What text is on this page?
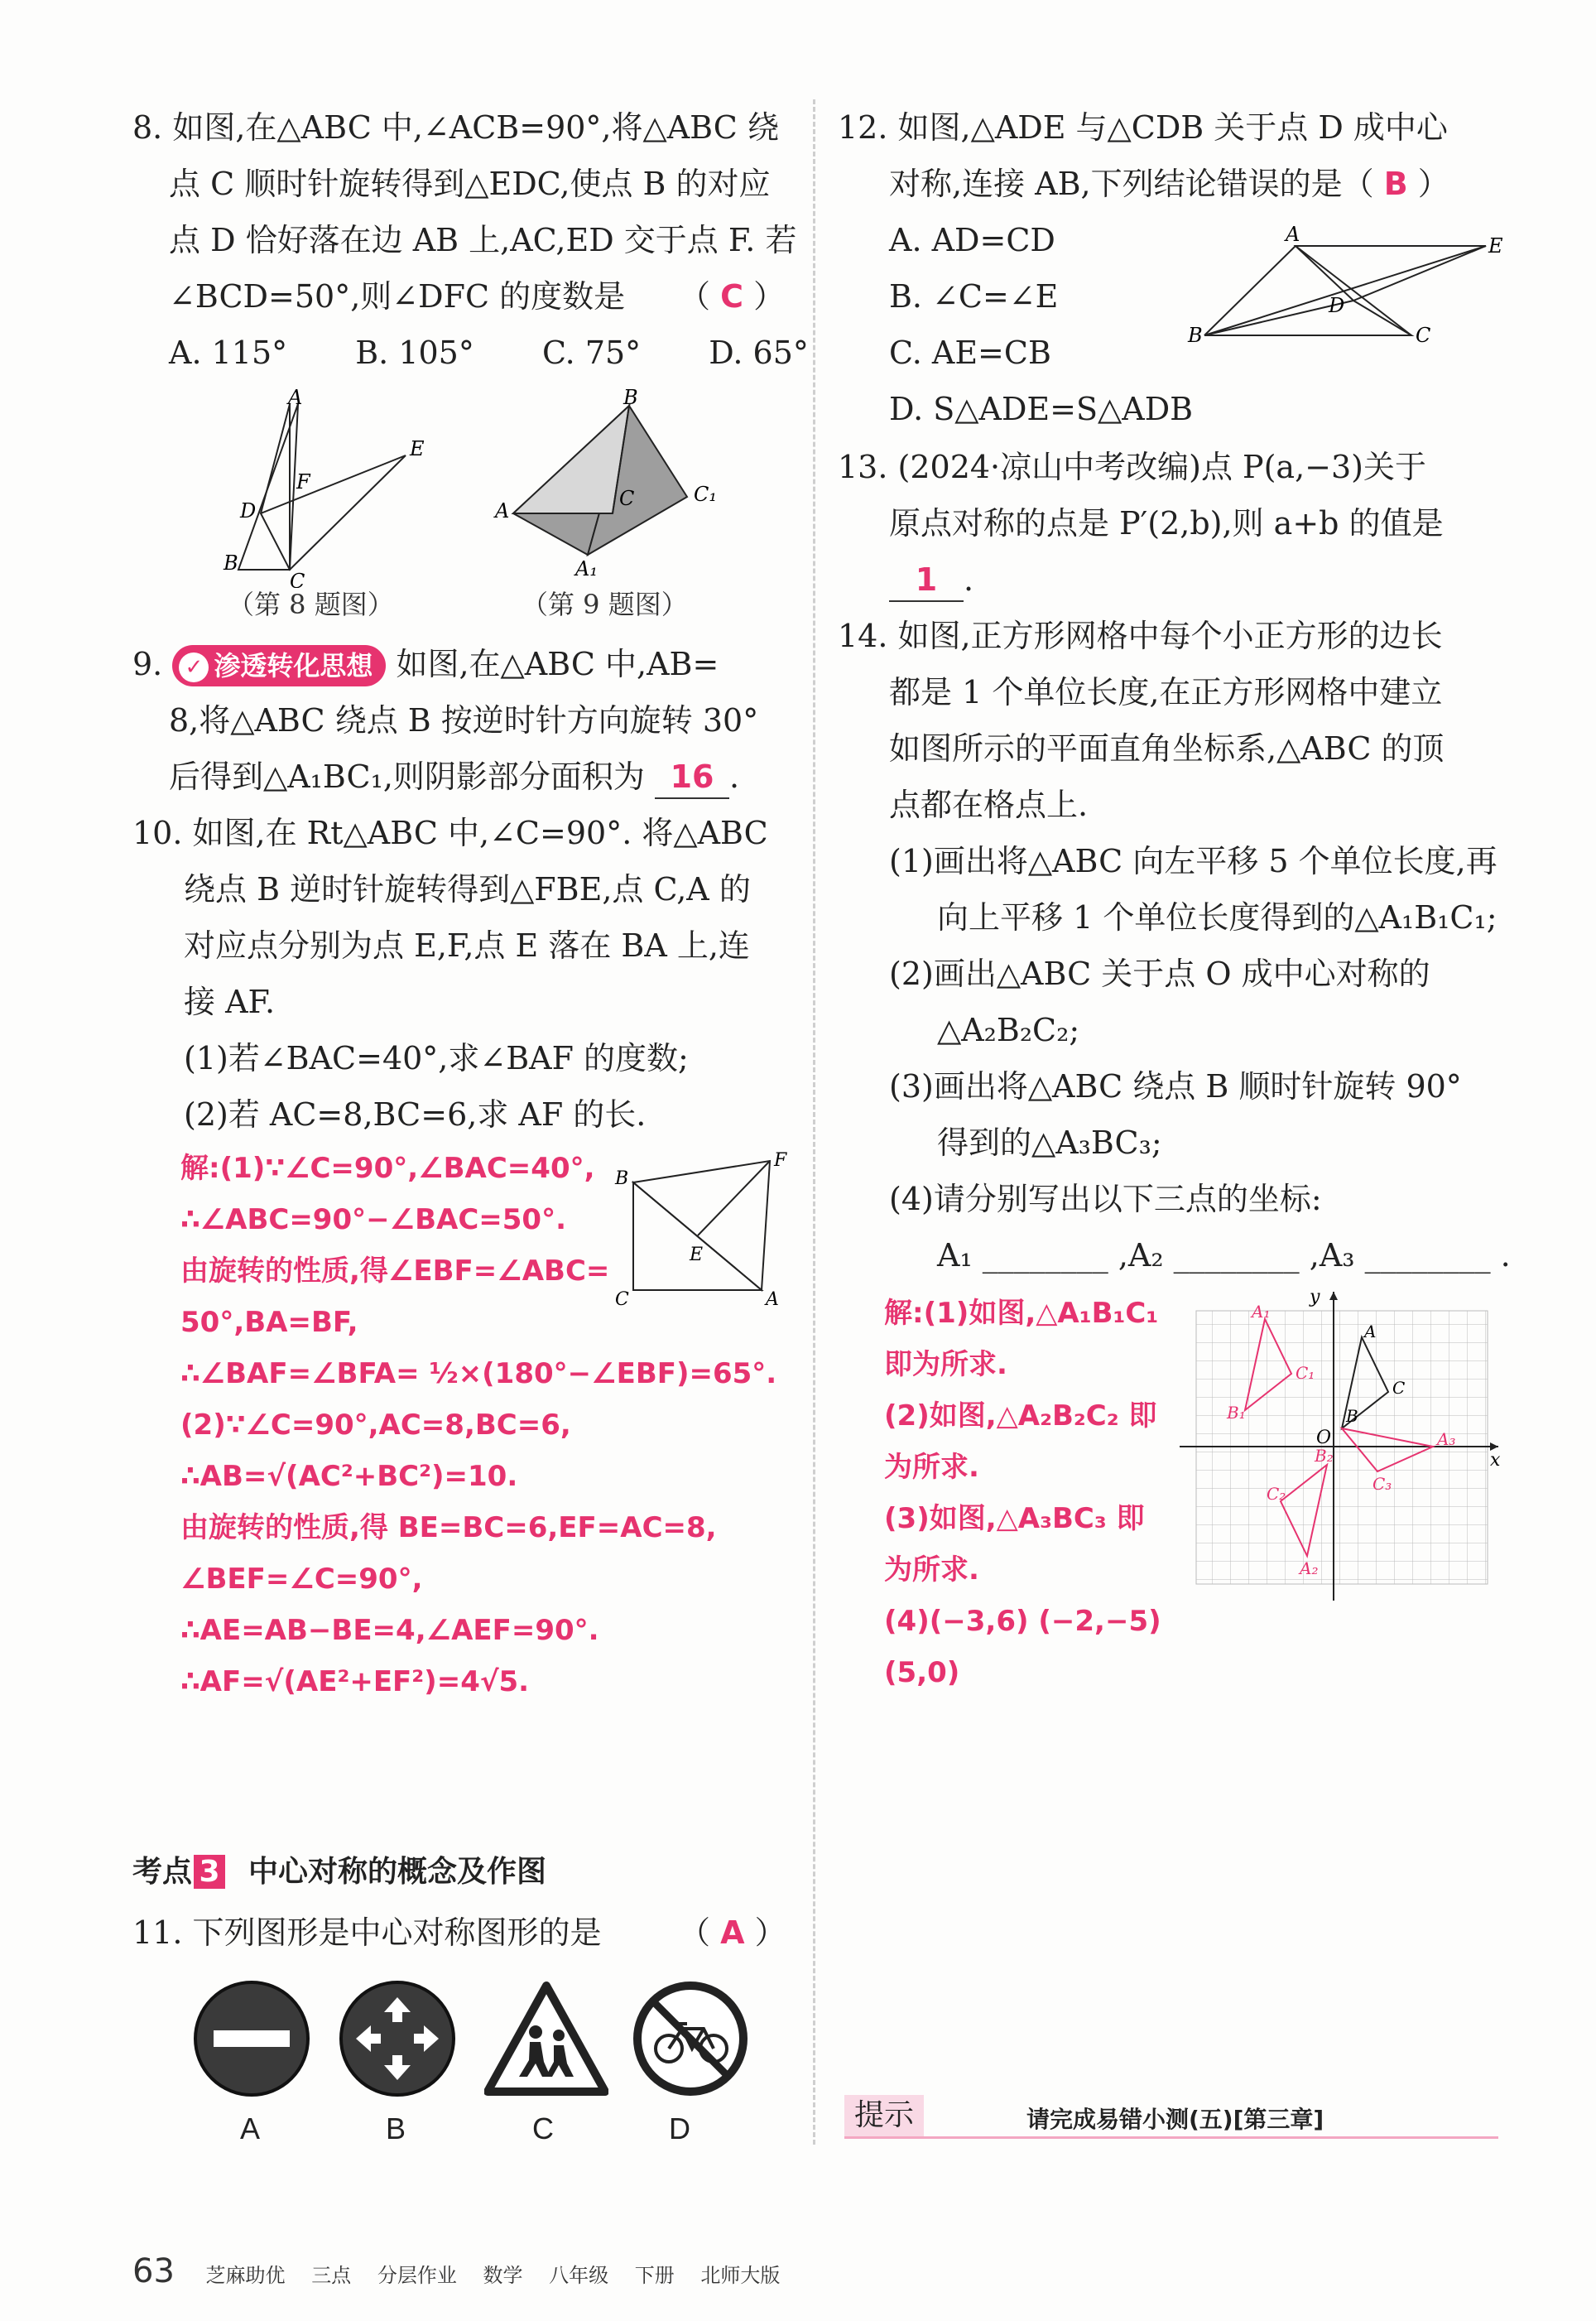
8. 如图,在△ABC 中,∠ACB=90°,将△ABC 绕
点 C 顺时针旋转得到△EDC,使点 B 的对应
点 D 恰好落在边 AB 上,AC,ED 交于点 F. 若
∠BCD=50°,则∠DFC 的度数是 （ C ）
A. 115° B. 105° C. 75° D. 65°
A
B
C
D
E
F
（第 8 题图）
B
A
C	C₁
A₁
（第 9 题图）
9. ✓ 渗透转化思想 如图,在△ABC 中,AB=
8,将△ABC 绕点 B 按逆时针方向旋转 30°
后得到△A₁BC₁,则阴影部分面积为 16 .
10. 如图,在 Rt△ABC 中,∠C=90°. 将△ABC
绕点 B 逆时针旋转得到△FBE,点 C,A 的
对应点分别为点 E,F,点 E 落在 BA 上,连
接 AF.
(1)若∠BAC=40°,求∠BAF 的度数;
(2)若 AC=8,BC=6,求 AF 的长.
解:(1)∵∠C=90°,∠BAC=40°,
∴∠ABC=90°−∠BAC=50°.
由旋转的性质,得∠EBF=∠ABC=
50°,BA=BF,
∴∠BAF=∠BFA= ½×(180°−∠EBF)=65°.
(2)∵∠C=90°,AC=8,BC=6,
∴AB=√(AC²+BC²)=10.
由旋转的性质,得 BE=BC=6,EF=AC=8,
∠BEF=∠C=90°,
∴AE=AB−BE=4,∠AEF=90°.
∴AF=√(AE²+EF²)=4√5.
B
C	A
F
E
考点 3 中心对称的概念及作图
11. 下列图形是中心对称图形的是 （ A ）
A	B	C	D
12. 如图,△ADE 与△CDB 关于点 D 成中心
对称,连接 AB,下列结论错误的是（ B ）
A. AD=CD
B. ∠C=∠E
C. AE=CB
D. S△ADE=S△ADB
A	E
B	C
D
13. (2024·凉山中考改编)点 P(a,−3)关于
原点对称的点是 P′(2,b),则 a+b 的值是
1 .
14. 如图,正方形网格中每个小正方形的边长
都是 1 个单位长度,在正方形网格中建立
如图所示的平面直角坐标系,△ABC 的顶
点都在格点上.
(1)画出将△ABC 向左平移 5 个单位长度,再
向上平移 1 个单位长度得到的△A₁B₁C₁;
(2)画出△ABC 关于点 O 成中心对称的
△A₂B₂C₂;
(3)画出将△ABC 绕点 B 顺时针旋转 90°
得到的△A₃BC₃;
(4)请分别写出以下三点的坐标:
A₁ ________ ,A₂ ________ ,A₃ ________ .
解:(1)如图,△A₁B₁C₁
即为所求.
(2)如图,△A₂B₂C₂ 即
为所求.
(3)如图,△A₃BC₃ 即
为所求.
(4)(−3,6) (−2,−5)
(5,0)
x
y
O
A
B
C
A₁
B₁
C₁
A₂
B₂
C₂
A₃
C₃
提示	请完成易错小测(五)[第三章]
63 芝麻助优 三点 分层作业 数学 八年级 下册 北师大版
